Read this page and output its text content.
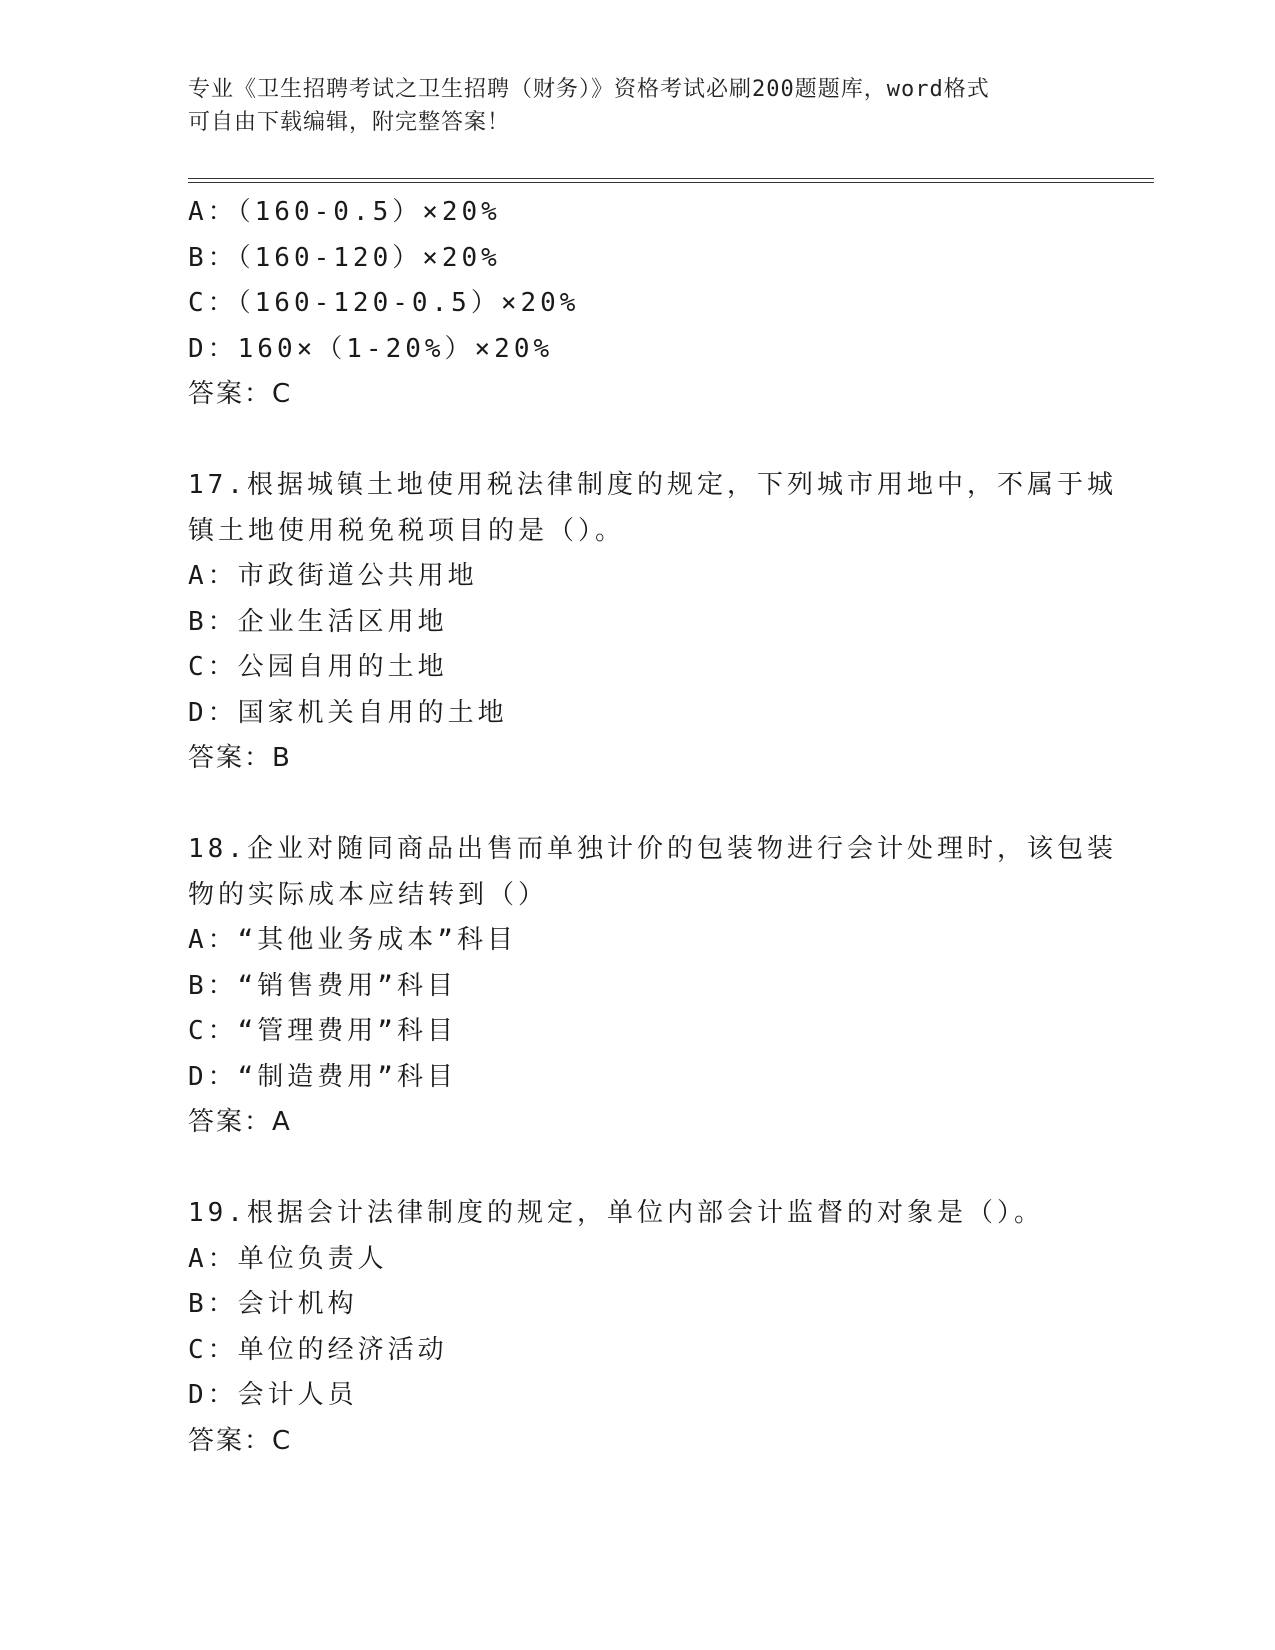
专业《卫生招聘考试之卫生招聘（财务）》资格考试必刷200题题库，word格式
可自由下载编辑，附完整答案！
A：（160-0.5）×20%
B：（160-120）×20%
C：（160-120-0.5）×20%
D：160×（1-20%）×20%
答案：C
17.根据城镇土地使用税法律制度的规定，下列城市用地中，不属于城
镇土地使用税免税项目的是（）。
A：市政街道公共用地
B：企业生活区用地
C：公园自用的土地
D：国家机关自用的土地
答案：B
18.企业对随同商品出售而单独计价的包装物进行会计处理时，该包装
物的实际成本应结转到（）
A：“其他业务成本”科目
B：“销售费用”科目
C：“管理费用”科目
D：“制造费用”科目
答案：A
19.根据会计法律制度的规定，单位内部会计监督的对象是（）。
A：单位负责人
B：会计机构
C：单位的经济活动
D：会计人员
答案：C
